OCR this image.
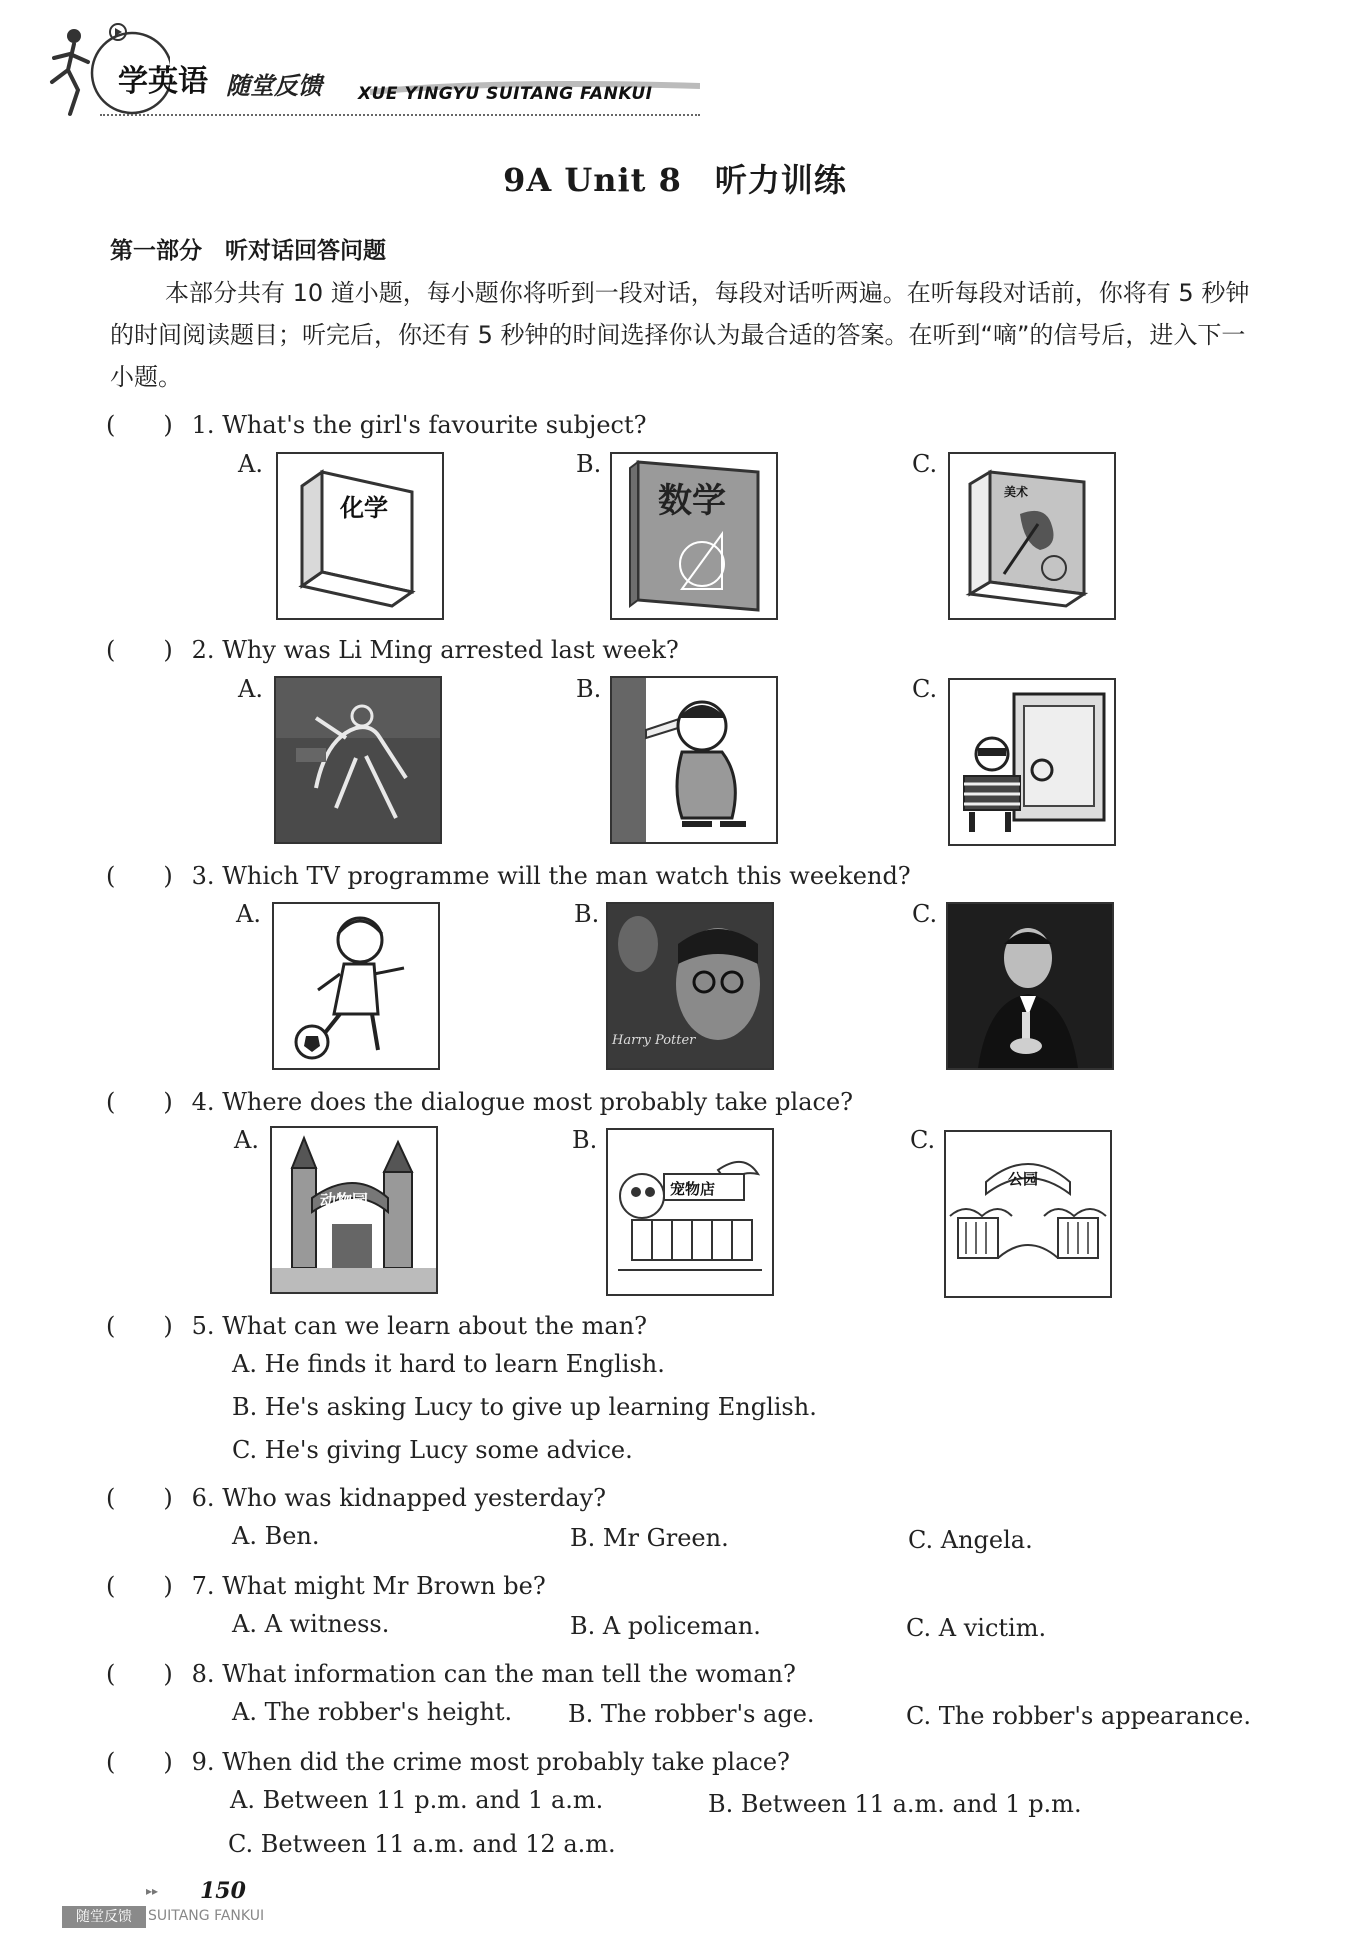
学英语 随堂反馈 XUE YINGYU SUITANG FANKUI
9A Unit 8　听力训练
第一部分　听对话回答问题
本部分共有 10 道小题，每小题你将听到一段对话，每段对话听两遍。在听每段对话前，你将有 5 秒钟的时间阅读题目；听完后，你还有 5 秒钟的时间选择你认为最合适的答案。在听到“嘀”的信号后，进入下一小题。
(　　) 1. What's the girl's favourite subject?
A.
化学
B.
数学
C.
美术
(　　) 2. Why was Li Ming arrested last week?
A.	B.	C.
(　　) 3. Which TV programme will the man watch this weekend?
A.	B.
Harry Potter
C.
(　　) 4. Where does the dialogue most probably take place?
A.
动物园
B.
宠物店
C.
公园
(　　) 5. What can we learn about the man?
A. He finds it hard to learn English.
B. He's asking Lucy to give up learning English.
C. He's giving Lucy some advice.
(　　) 6. Who was kidnapped yesterday?
A. Ben.	B. Mr Green.	C. Angela.
(　　) 7. What might Mr Brown be?
A. A witness.	B. A policeman.	C. A victim.
(　　) 8. What information can the man tell the woman?
A. The robber's height. B. The robber's age.	C. The robber's appearance.
(　　) 9. When did the crime most probably take place?
A. Between 11 p.m. and 1 a.m.	B. Between 11 a.m. and 1 p.m.
C. Between 11 a.m. and 12 a.m.
▸▸ 150
随堂反馈	SUITANG FANKUI
